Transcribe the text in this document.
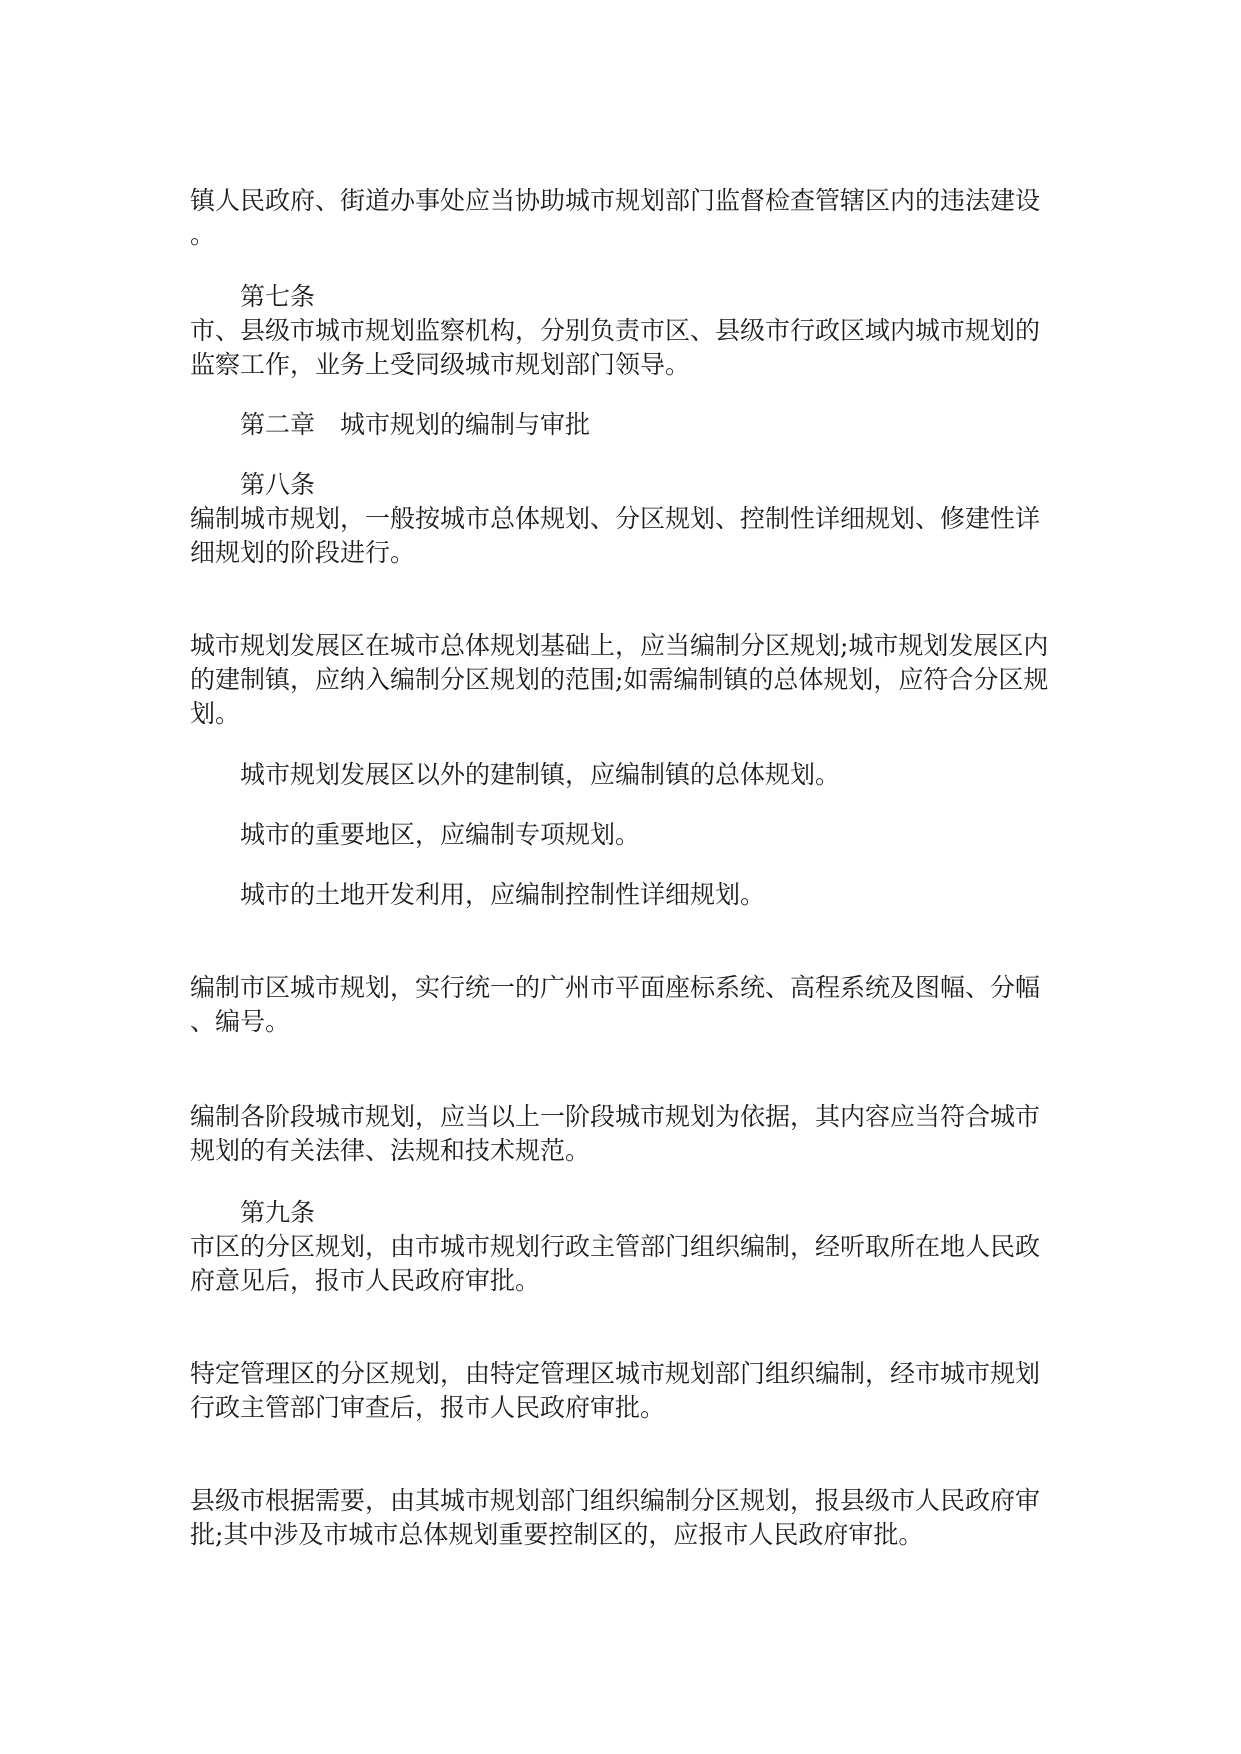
镇人民政府、街道办事处应当协助城市规划部门监督检查管辖区内的违法建设
。
第七条
市、县级市城市规划监察机构，分别负责市区、县级市行政区域内城市规划的
监察工作，业务上受同级城市规划部门领导。
第二章　城市规划的编制与审批
第八条
编制城市规划，一般按城市总体规划、分区规划、控制性详细规划、修建性详
细规划的阶段进行。
城市规划发展区在城市总体规划基础上，应当编制分区规划;城市规划发展区内
的建制镇，应纳入编制分区规划的范围;如需编制镇的总体规划，应符合分区规
划。
城市规划发展区以外的建制镇，应编制镇的总体规划。
城市的重要地区，应编制专项规划。
城市的土地开发利用，应编制控制性详细规划。
编制市区城市规划，实行统一的广州市平面座标系统、高程系统及图幅、分幅
、编号。
编制各阶段城市规划，应当以上一阶段城市规划为依据，其内容应当符合城市
规划的有关法律、法规和技术规范。
第九条
市区的分区规划，由市城市规划行政主管部门组织编制，经听取所在地人民政
府意见后，报市人民政府审批。
特定管理区的分区规划，由特定管理区城市规划部门组织编制，经市城市规划
行政主管部门审查后，报市人民政府审批。
县级市根据需要，由其城市规划部门组织编制分区规划，报县级市人民政府审
批;其中涉及市城市总体规划重要控制区的，应报市人民政府审批。
